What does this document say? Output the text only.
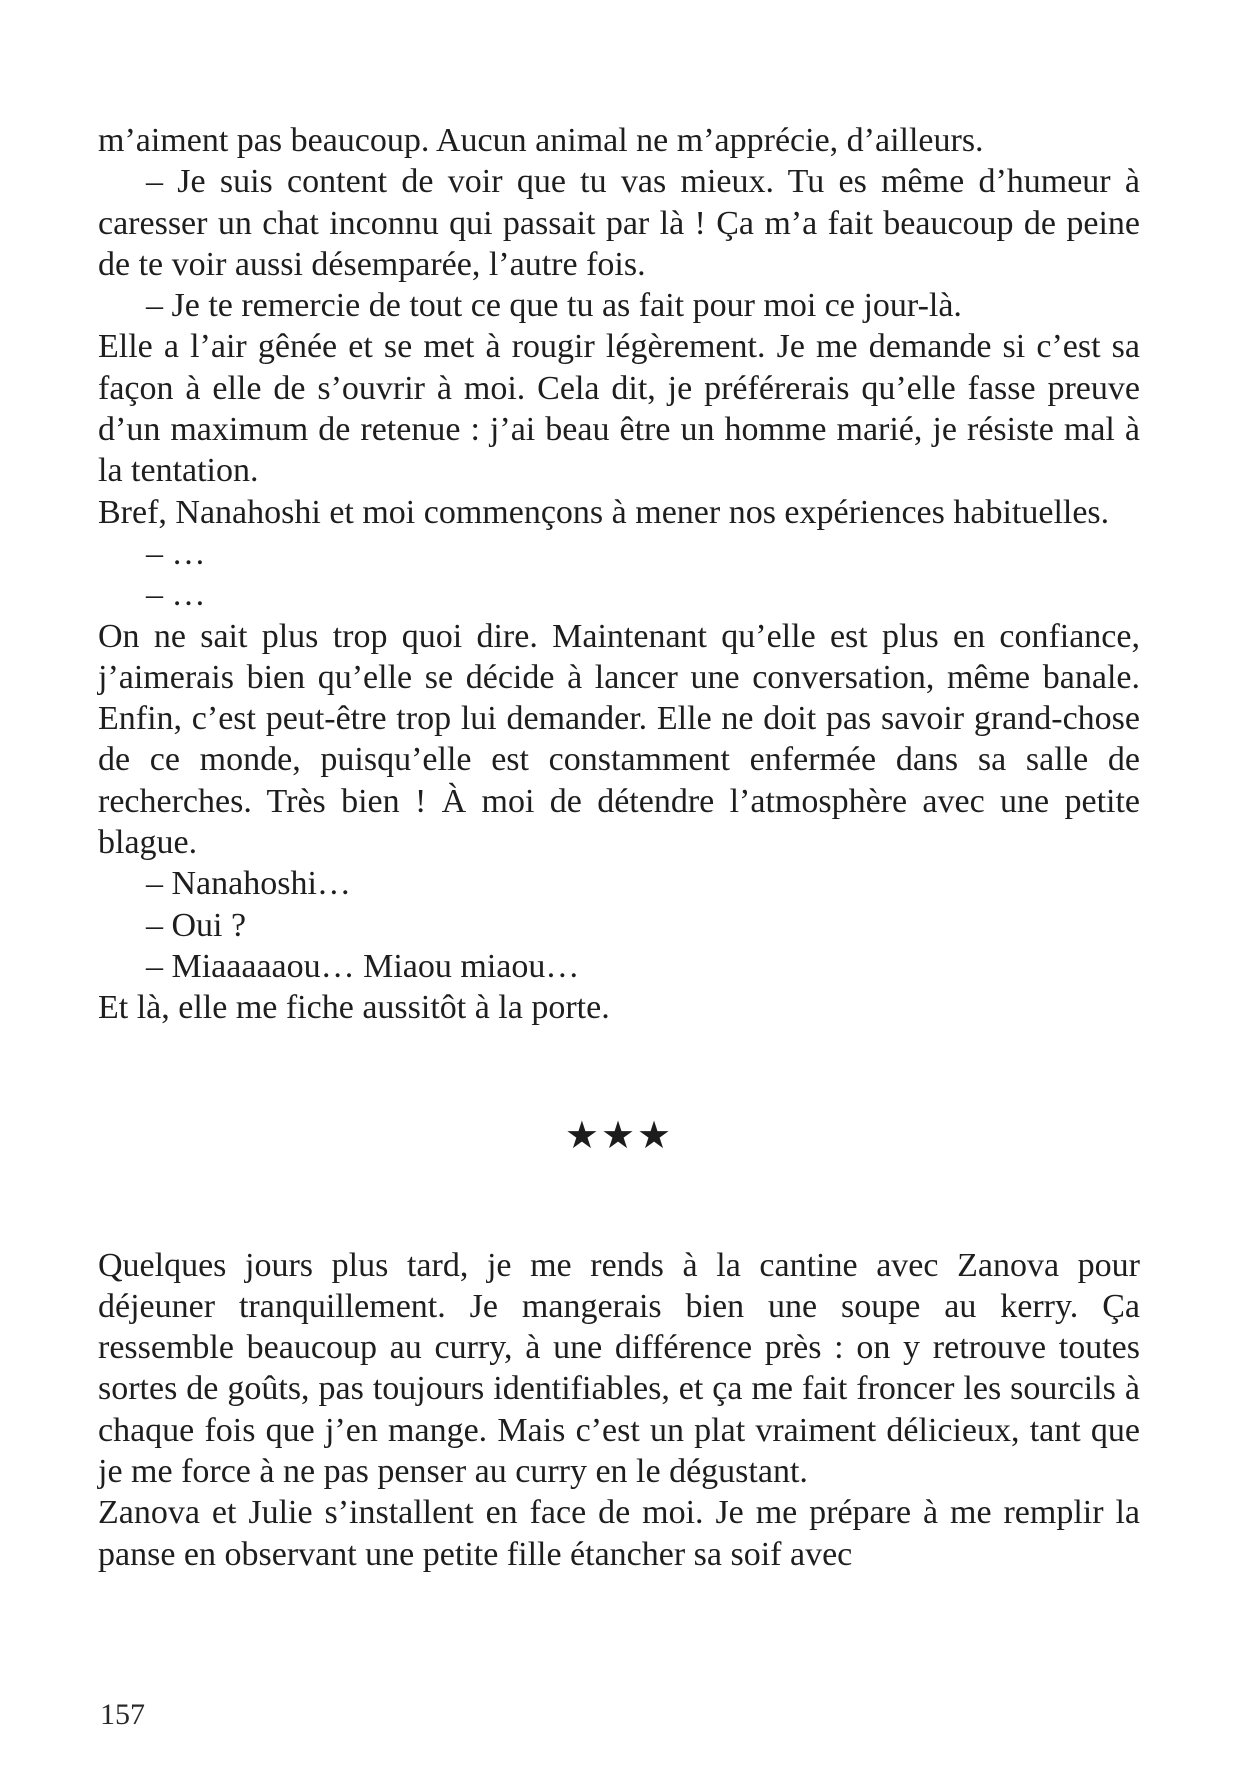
m’aiment pas beaucoup. Aucun animal ne m’apprécie, d’ailleurs.

– Je suis content de voir que tu vas mieux. Tu es même d’humeur à caresser un chat inconnu qui passait par là ! Ça m’a fait beaucoup de peine de te voir aussi désemparée, l’autre fois.

– Je te remercie de tout ce que tu as fait pour moi ce jour-là.

Elle a l’air gênée et se met à rougir légèrement. Je me demande si c’est sa façon à elle de s’ouvrir à moi. Cela dit, je préférerais qu’elle fasse preuve d’un maximum de retenue : j’ai beau être un homme marié, je résiste mal à la tentation.

Bref, Nanahoshi et moi commençons à mener nos expériences habituelles.

– …

– …

On ne sait plus trop quoi dire. Maintenant qu’elle est plus en confiance, j’aimerais bien qu’elle se décide à lancer une conversation, même banale. Enfin, c’est peut-être trop lui demander. Elle ne doit pas savoir grand-chose de ce monde, puisqu’elle est constamment enfermée dans sa salle de recherches. Très bien ! À moi de détendre l’atmosphère avec une petite blague.

– Nanahoshi…

– Oui ?

– Miaaaaaou… Miaou miaou…

Et là, elle me fiche aussitôt à la porte.

★★★

Quelques jours plus tard, je me rends à la cantine avec Zanova pour déjeuner tranquillement. Je mangerais bien une soupe au kerry. Ça ressemble beaucoup au curry, à une différence près : on y retrouve toutes sortes de goûts, pas toujours identifiables, et ça me fait froncer les sourcils à chaque fois que j’en mange. Mais c’est un plat vraiment délicieux, tant que je me force à ne pas penser au curry en le dégustant.

Zanova et Julie s’installent en face de moi. Je me prépare à me remplir la panse en observant une petite fille étancher sa soif avec

157
